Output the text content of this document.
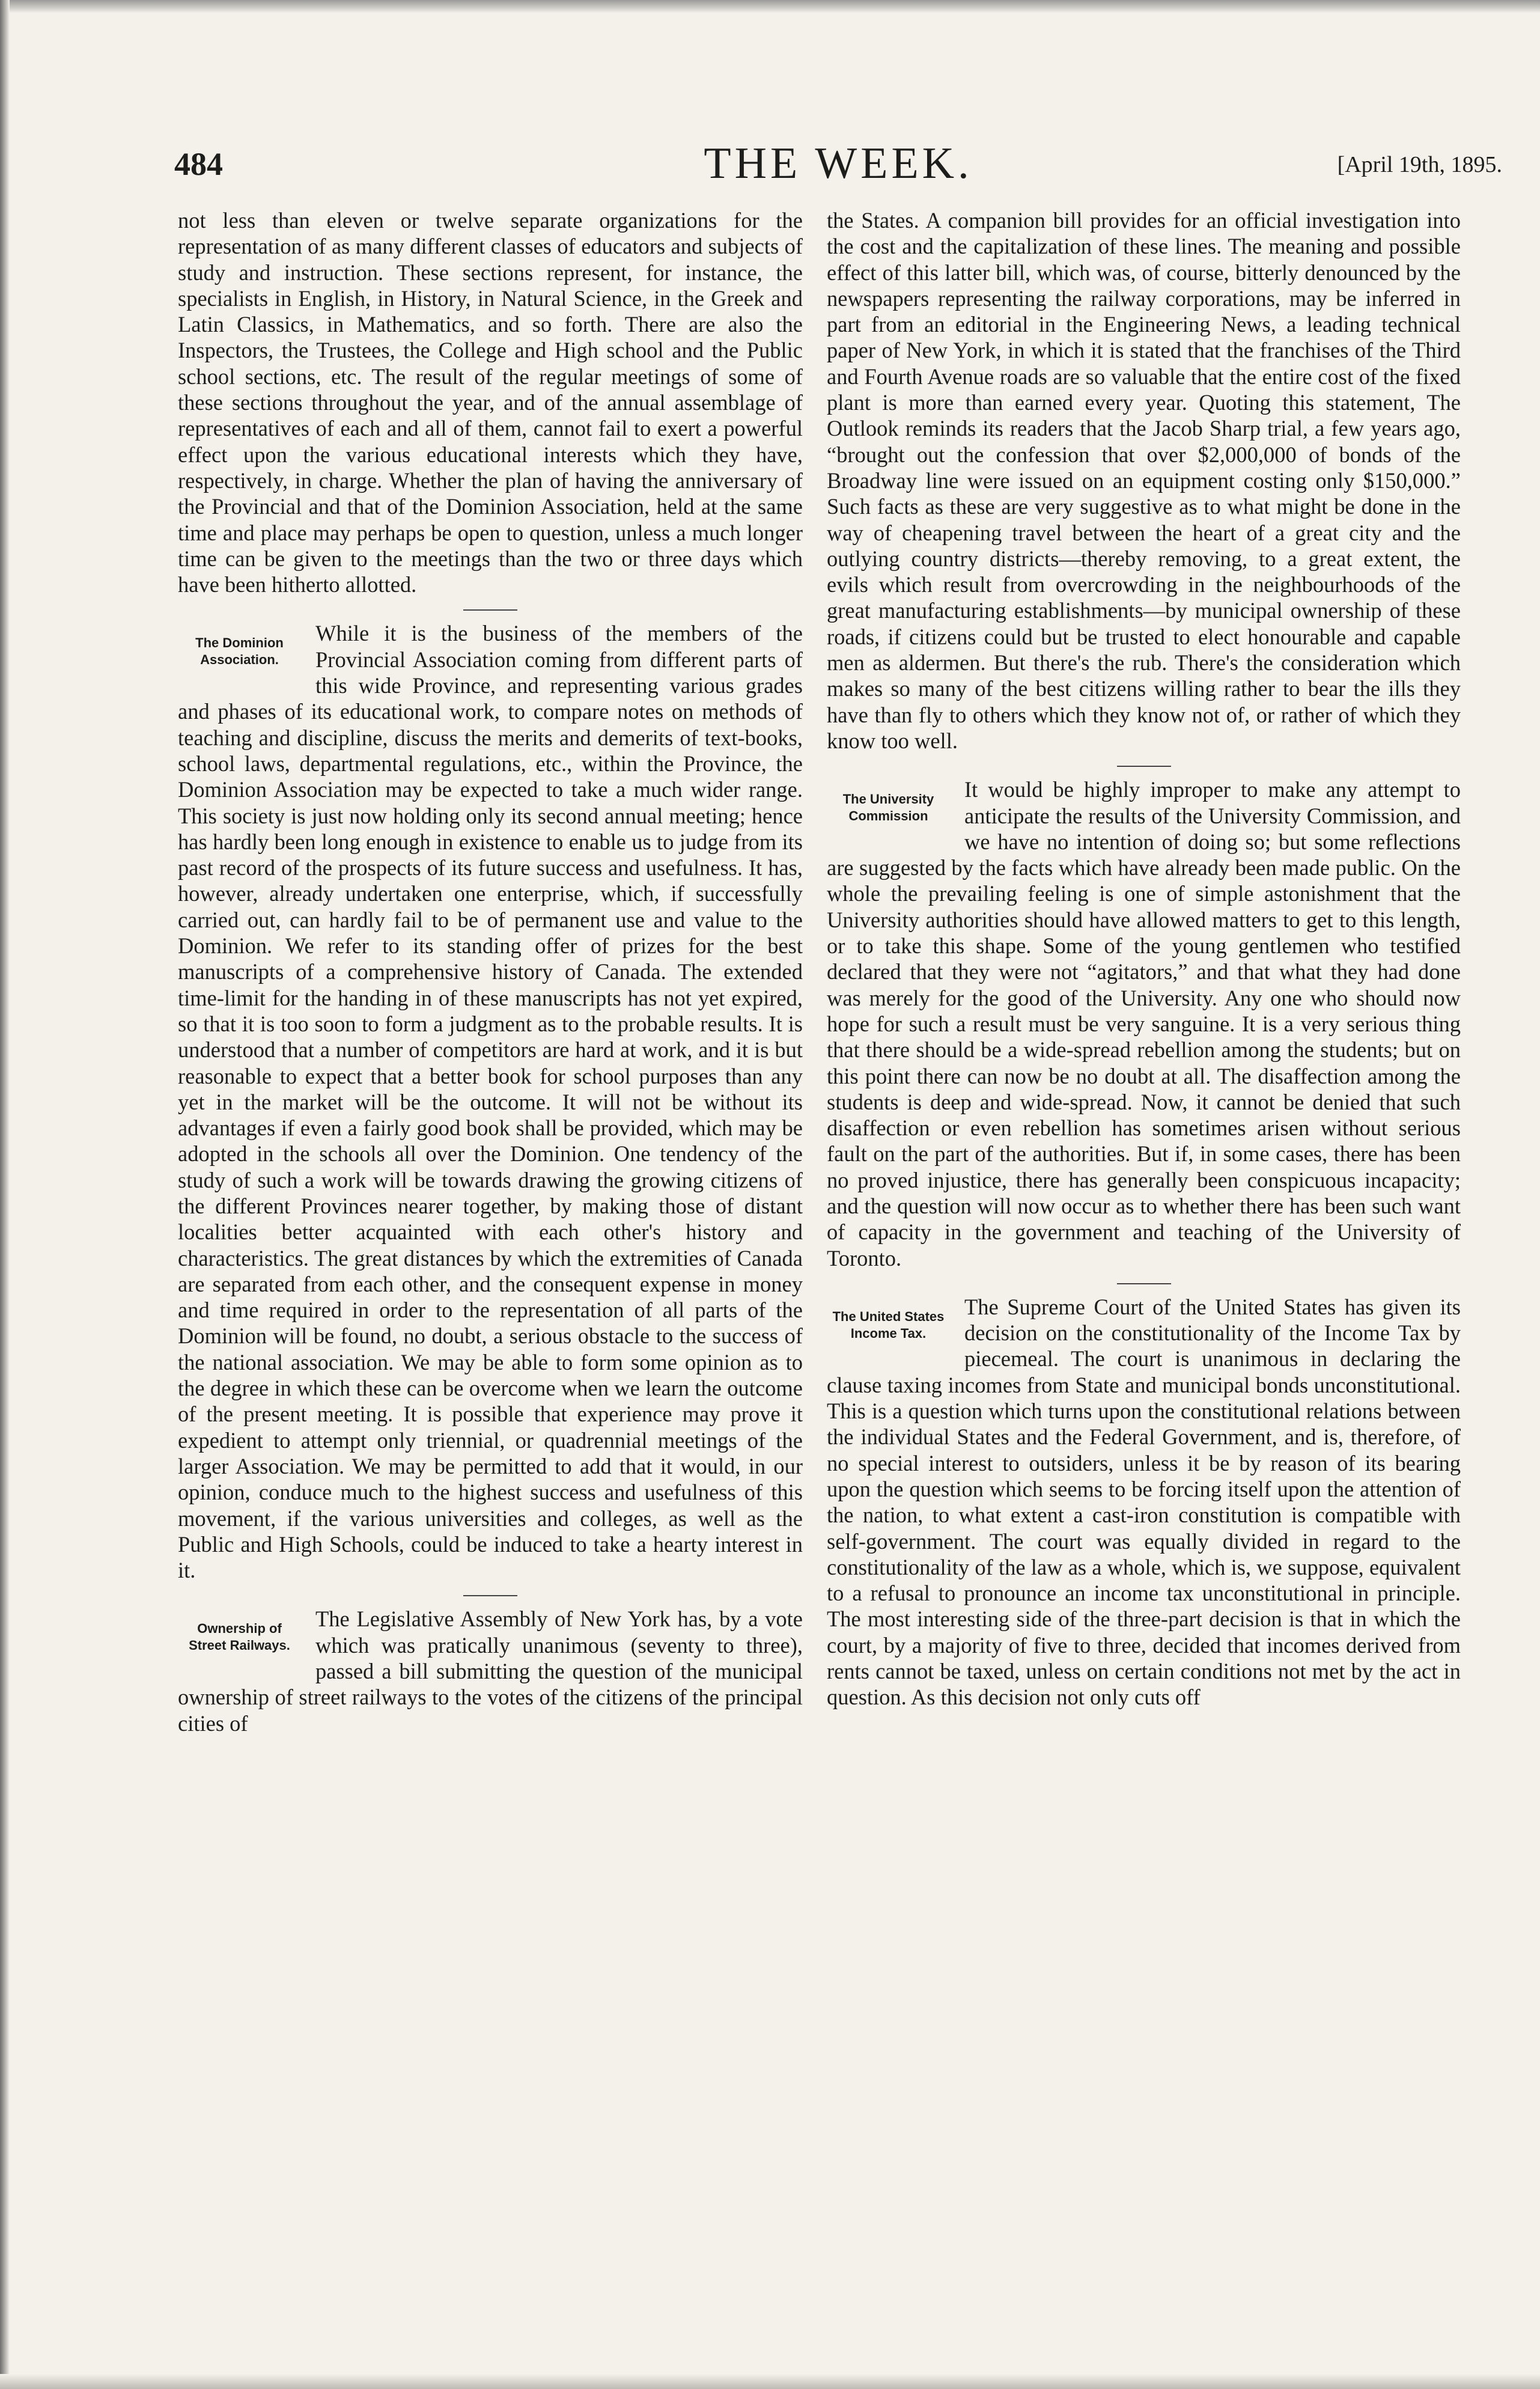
484	THE WEEK.	[April 19th, 1895.

not less than eleven or twelve separate organizations for the representation of as many different classes of educators and subjects of study and instruction. These sections represent, for instance, the specialists in English, in History, in Natural Science, in the Greek and Latin Classics, in Mathematics, and so forth. There are also the Inspectors, the Trustees, the College and High school and the Public school sections, etc. The result of the regular meetings of some of these sections throughout the year, and of the annual assemblage of representatives of each and all of them, cannot fail to exert a powerful effect upon the various educational interests which they have, respectively, in charge. Whether the plan of having the anniversary of the Provincial and that of the Dominion Association, held at the same time and place may perhaps be open to question, unless a much longer time can be given to the meetings than the two or three days which have been hitherto allotted.

The Dominion Association.

While it is the business of the members of the Provincial Association coming from different parts of this wide Province, and representing various grades and phases of its educational work, to compare notes on methods of teaching and discipline, discuss the merits and demerits of text-books, school laws, departmental regulations, etc., within the Province, the Dominion Association may be expected to take a much wider range. This society is just now holding only its second annual meeting; hence has hardly been long enough in existence to enable us to judge from its past record of the prospects of its future success and usefulness. It has, however, already undertaken one enterprise, which, if successfully carried out, can hardly fail to be of permanent use and value to the Dominion. We refer to its standing offer of prizes for the best manuscripts of a comprehensive history of Canada. The extended time-limit for the handing in of these manuscripts has not yet expired, so that it is too soon to form a judgment as to the probable results. It is understood that a number of competitors are hard at work, and it is but reasonable to expect that a better book for school purposes than any yet in the market will be the outcome. It will not be without its advantages if even a fairly good book shall be provided, which may be adopted in the schools all over the Dominion. One tendency of the study of such a work will be towards drawing the growing citizens of the different Provinces nearer together, by making those of distant localities better acquainted with each other's history and characteristics. The great distances by which the extremities of Canada are separated from each other, and the consequent expense in money and time required in order to the representation of all parts of the Dominion will be found, no doubt, a serious obstacle to the success of the national association. We may be able to form some opinion as to the degree in which these can be overcome when we learn the outcome of the present meeting. It is possible that experience may prove it expedient to attempt only triennial, or quadrennial meetings of the larger Association. We may be permitted to add that it would, in our opinion, conduce much to the highest success and usefulness of this movement, if the various universities and colleges, as well as the Public and High Schools, could be induced to take a hearty interest in it.

Ownership of Street Railways.

The Legislative Assembly of New York has, by a vote which was pratically unanimous (seventy to three), passed a bill submitting the question of the municipal ownership of street railways to the votes of the citizens of the principal cities of

the States. A companion bill provides for an official investigation into the cost and the capitalization of these lines. The meaning and possible effect of this latter bill, which was, of course, bitterly denounced by the newspapers representing the railway corporations, may be inferred in part from an editorial in the Engineering News, a leading technical paper of New York, in which it is stated that the franchises of the Third and Fourth Avenue roads are so valuable that the entire cost of the fixed plant is more than earned every year. Quoting this statement, The Outlook reminds its readers that the Jacob Sharp trial, a few years ago, “brought out the confession that over $2,000,000 of bonds of the Broadway line were issued on an equipment costing only $150,000.” Such facts as these are very suggestive as to what might be done in the way of cheapening travel between the heart of a great city and the outlying country districts—thereby removing, to a great extent, the evils which result from overcrowding in the neighbourhoods of the great manufacturing establishments—by municipal ownership of these roads, if citizens could but be trusted to elect honourable and capable men as aldermen. But there's the rub. There's the consideration which makes so many of the best citizens willing rather to bear the ills they have than fly to others which they know not of, or rather of which they know too well.

The University Commission

It would be highly improper to make any attempt to anticipate the results of the University Commission, and we have no intention of doing so; but some reflections are suggested by the facts which have already been made public. On the whole the prevailing feeling is one of simple astonishment that the University authorities should have allowed matters to get to this length, or to take this shape. Some of the young gentlemen who testified declared that they were not “agitators,” and that what they had done was merely for the good of the University. Any one who should now hope for such a result must be very sanguine. It is a very serious thing that there should be a wide-spread rebellion among the students; but on this point there can now be no doubt at all. The disaffection among the students is deep and wide-spread. Now, it cannot be denied that such disaffection or even rebellion has sometimes arisen without serious fault on the part of the authorities. But if, in some cases, there has been no proved injustice, there has generally been conspicuous incapacity; and the question will now occur as to whether there has been such want of capacity in the government and teaching of the University of Toronto.

The United States Income Tax.

The Supreme Court of the United States has given its decision on the constitutionality of the Income Tax by piecemeal. The court is unanimous in declaring the clause taxing incomes from State and municipal bonds unconstitutional. This is a question which turns upon the constitutional relations between the individual States and the Federal Government, and is, therefore, of no special interest to outsiders, unless it be by reason of its bearing upon the question which seems to be forcing itself upon the attention of the nation, to what extent a cast-iron constitution is compatible with self-government. The court was equally divided in regard to the constitutionality of the law as a whole, which is, we suppose, equivalent to a refusal to pronounce an income tax unconstitutional in principle. The most interesting side of the three-part decision is that in which the court, by a majority of five to three, decided that incomes derived from rents cannot be taxed, unless on certain conditions not met by the act in question. As this decision not only cuts off
